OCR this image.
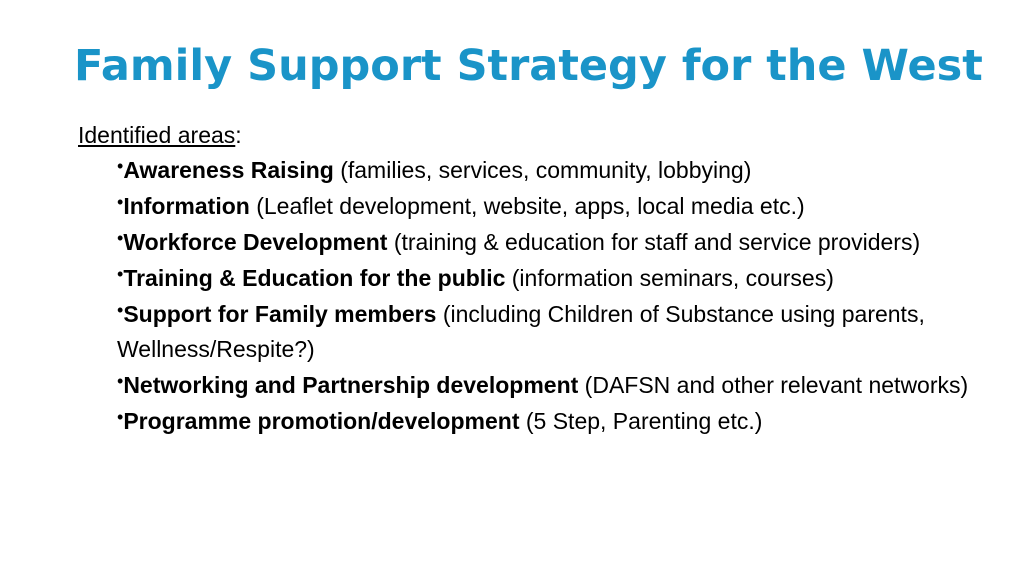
Family Support Strategy for the West

Identified areas:

•Awareness Raising (families, services, community, lobbying)
•Information (Leaflet development, website, apps, local media etc.)
•Workforce Development (training & education for staff and service providers)
•Training & Education for the public (information seminars, courses)
•Support for Family members (including Children of Substance using parents, Wellness/Respite?)
•Networking and Partnership development (DAFSN and other relevant networks)
•Programme promotion/development (5 Step, Parenting etc.)
